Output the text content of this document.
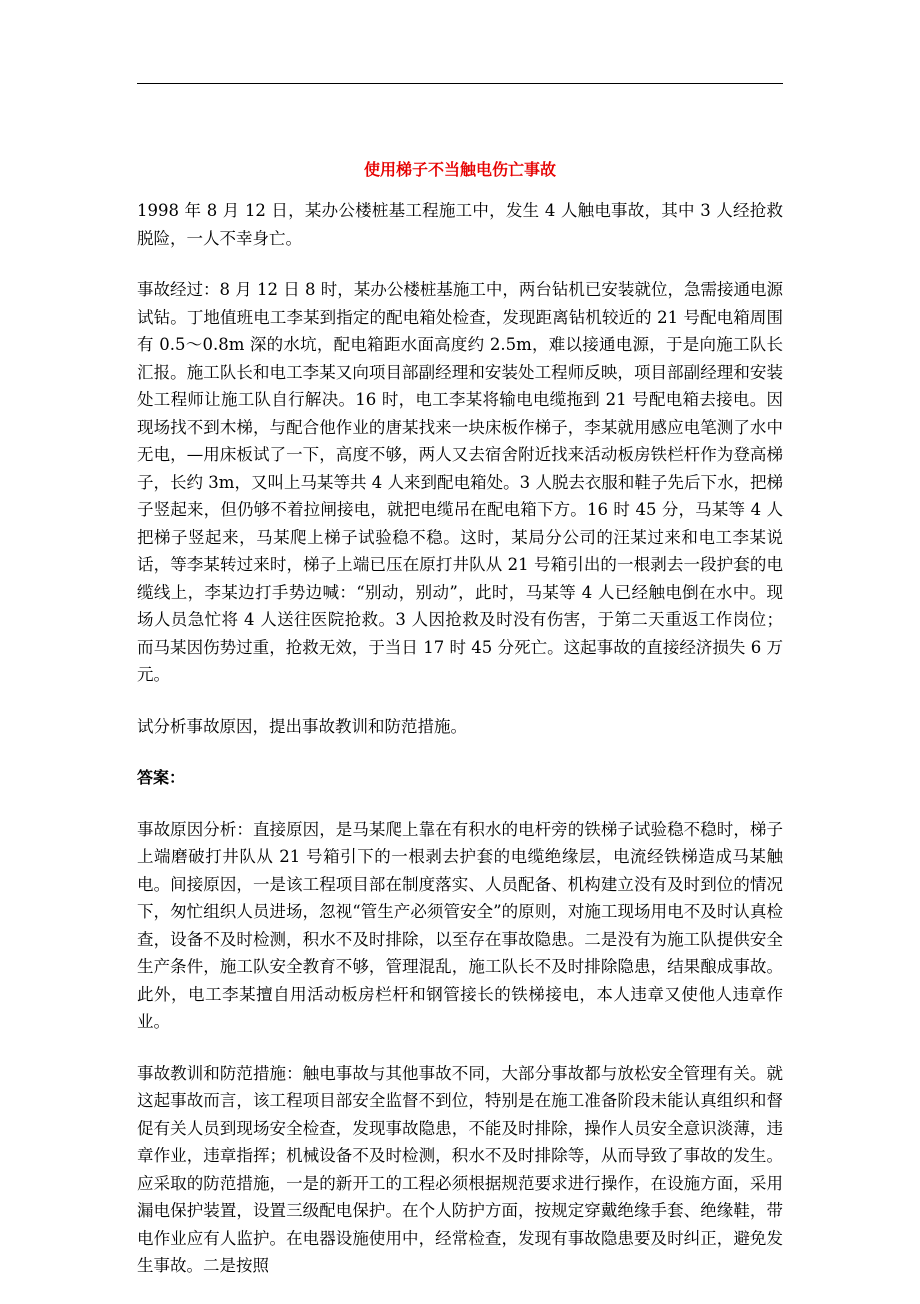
使用梯子不当触电伤亡事故

1998 年 8 月 12 日，某办公楼桩基工程施工中，发生 4 人触电事故，其中 3 人经抢救脱险，一人不幸身亡。

事故经过：8 月 12 日 8 时，某办公楼桩基施工中，两台钻机已安装就位，急需接通电源试钻。丁地值班电工李某到指定的配电箱处检查，发现距离钻机较近的 21 号配电箱周围有 0.5～0.8m 深的水坑，配电箱距水面高度约 2.5m，难以接通电源，于是向施工队长汇报。施工队长和电工李某又向项目部副经理和安装处工程师反映，项目部副经理和安装处工程师让施工队自行解决。16 时，电工李某将输电电缆拖到 21 号配电箱去接电。因现场找不到木梯，与配合他作业的唐某找来一块床板作梯子，李某就用感应电笔测了水中无电，—用床板试了一下，高度不够，两人又去宿舍附近找来活动板房铁栏杆作为登高梯子，长约 3m，又叫上马某等共 4 人来到配电箱处。3 人脱去衣服和鞋子先后下水，把梯子竖起来，但仍够不着拉闸接电，就把电缆吊在配电箱下方。16 时 45 分，马某等 4 人把梯子竖起来，马某爬上梯子试验稳不稳。这时，某局分公司的汪某过来和电工李某说话，等李某转过来时，梯子上端已压在原打井队从 21 号箱引出的一根剥去一段护套的电缆线上，李某边打手势边喊：“别动，别动”，此时，马某等 4 人已经触电倒在水中。现场人员急忙将 4 人送往医院抢救。3 人因抢救及时没有伤害，于第二天重返工作岗位；而马某因伤势过重，抢救无效，于当日 17 时 45 分死亡。这起事故的直接经济损失 6 万元。

试分析事故原因，提出事故教训和防范措施。

答案：

事故原因分析：直接原因，是马某爬上靠在有积水的电杆旁的铁梯子试验稳不稳时，梯子上端磨破打井队从 21 号箱引下的一根剥去护套的电缆绝缘层，电流经铁梯造成马某触电。间接原因，一是该工程项目部在制度落实、人员配备、机构建立没有及时到位的情况下，匆忙组织人员进场，忽视“管生产必须管安全”的原则，对施工现场用电不及时认真检查，设备不及时检测，积水不及时排除，以至存在事故隐患。二是没有为施工队提供安全生产条件，施工队安全教育不够，管理混乱，施工队长不及时排除隐患，结果酿成事故。此外，电工李某擅自用活动板房栏杆和钢管接长的铁梯接电，本人违章又使他人违章作业。

事故教训和防范措施：触电事故与其他事故不同，大部分事故都与放松安全管理有关。就这起事故而言，该工程项目部安全监督不到位，特别是在施工准备阶段未能认真组织和督促有关人员到现场安全检查，发现事故隐患，不能及时排除，操作人员安全意识淡薄，违章作业，违章指挥；机械设备不及时检测，积水不及时排除等，从而导致了事故的发生。应采取的防范措施，一是的新开工的工程必须根据规范要求进行操作，在设施方面，采用漏电保护装置，设置三级配电保护。在个人防护方面，按规定穿戴绝缘手套、绝缘鞋，带电作业应有人监护。在电器设施使用中，经常检查，发现有事故隐患要及时纠正，避免发生事故。二是按照
